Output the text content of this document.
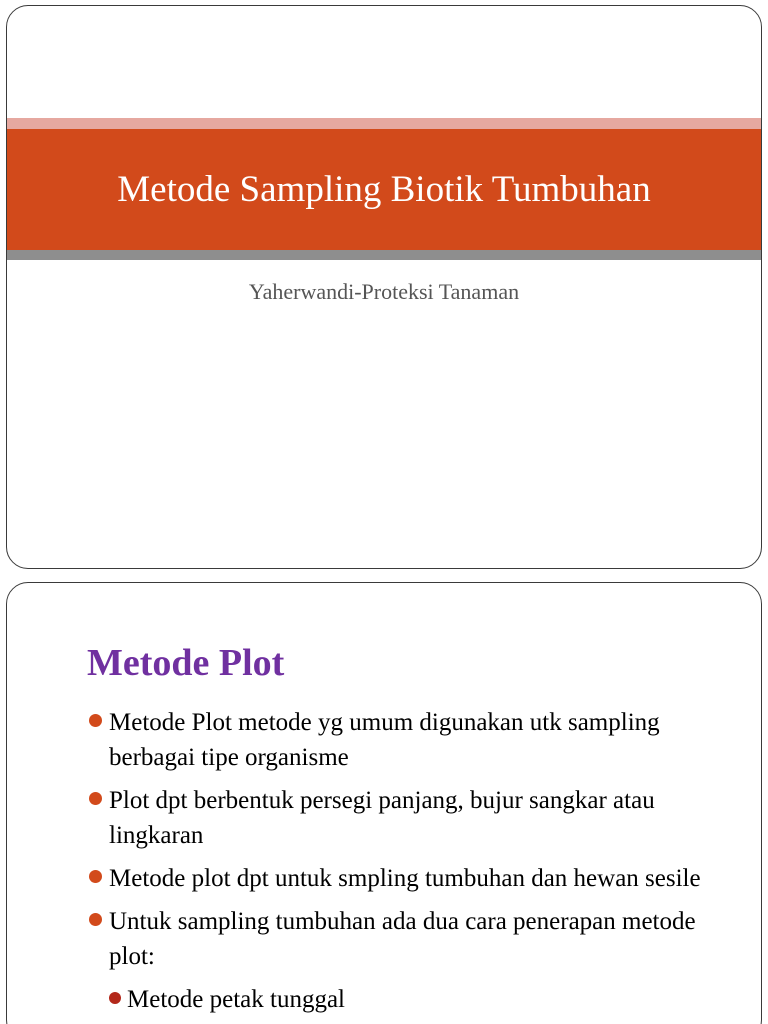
Metode Sampling Biotik Tumbuhan
Yaherwandi-Proteksi Tanaman
Metode Plot
Metode Plot metode yg umum digunakan utk sampling berbagai tipe organisme
Plot dpt berbentuk persegi panjang, bujur sangkar atau lingkaran
Metode plot dpt untuk smpling tumbuhan dan hewan sesile
Untuk sampling tumbuhan ada dua cara penerapan metode plot:
Metode petak tunggal
